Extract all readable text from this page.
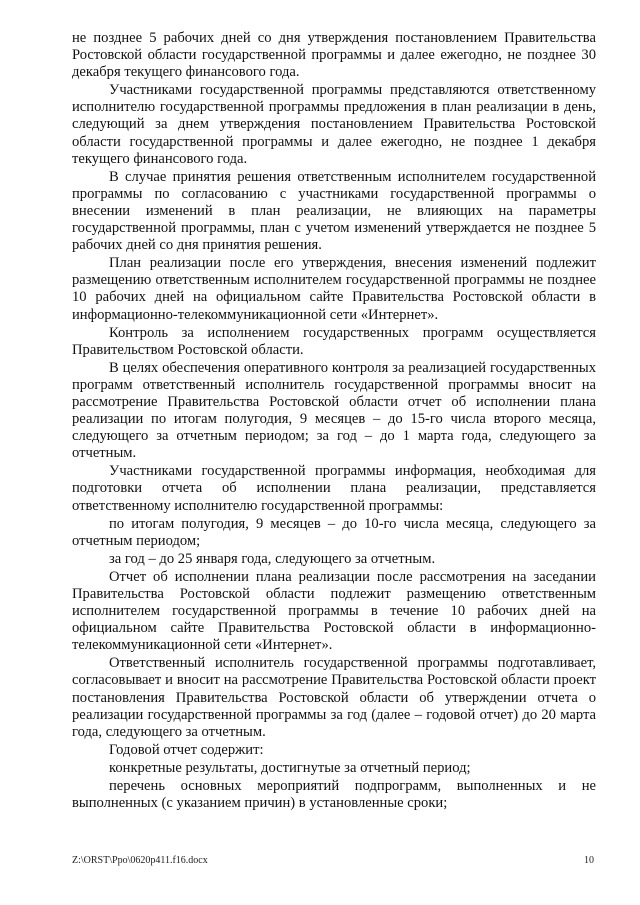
не позднее 5 рабочих дней со дня утверждения постановлением Правительства Ростовской области государственной программы и далее ежегодно, не позднее 30 декабря текущего финансового года.

Участниками государственной программы представляются ответственному исполнителю государственной программы предложения в план реализации в день, следующий за днем утверждения постановлением Правительства Ростовской области государственной программы и далее ежегодно, не позднее 1 декабря текущего финансового года.

В случае принятия решения ответственным исполнителем государственной программы по согласованию с участниками государственной программы о внесении изменений в план реализации, не влияющих на параметры государственной программы, план с учетом изменений утверждается не позднее 5 рабочих дней со дня принятия решения.

План реализации после его утверждения, внесения изменений подлежит размещению ответственным исполнителем государственной программы не позднее 10 рабочих дней на официальном сайте Правительства Ростовской области в информационно-телекоммуникационной сети «Интернет».

Контроль за исполнением государственных программ осуществляется Правительством Ростовской области.

В целях обеспечения оперативного контроля за реализацией государственных программ ответственный исполнитель государственной программы вносит на рассмотрение Правительства Ростовской области отчет об исполнении плана реализации по итогам полугодия, 9 месяцев – до 15-го числа второго месяца, следующего за отчетным периодом; за год – до 1 марта года, следующего за отчетным.

Участниками государственной программы информация, необходимая для подготовки отчета об исполнении плана реализации, представляется ответственному исполнителю государственной программы:

по итогам полугодия, 9 месяцев – до 10-го числа месяца, следующего за отчетным периодом;

за год – до 25 января года, следующего за отчетным.

Отчет об исполнении плана реализации после рассмотрения на заседании Правительства Ростовской области подлежит размещению ответственным исполнителем государственной программы в течение 10 рабочих дней на официальном сайте Правительства Ростовской области в информационно-телекоммуникационной сети «Интернет».

Ответственный исполнитель государственной программы подготавливает, согласовывает и вносит на рассмотрение Правительства Ростовской области проект постановления Правительства Ростовской области об утверждении отчета о реализации государственной программы за год (далее – годовой отчет) до 20 марта года, следующего за отчетным.

Годовой отчет содержит:

конкретные результаты, достигнутые за отчетный период;

перечень основных мероприятий подпрограмм, выполненных и не выполненных (с указанием причин) в установленные сроки;

Z:\ORST\Ppo\0620p411.f16.docx	10
